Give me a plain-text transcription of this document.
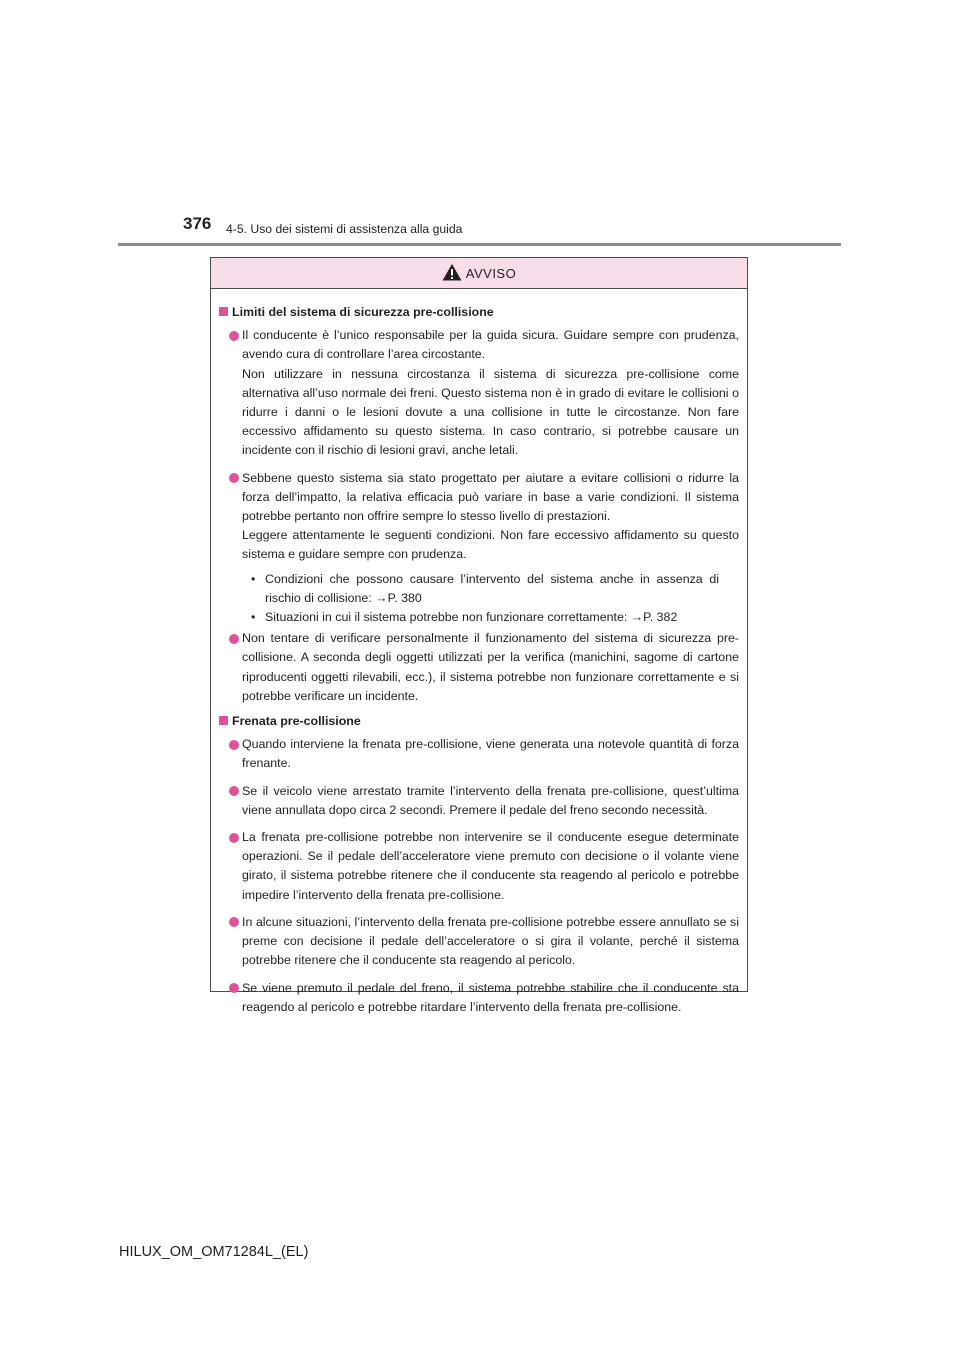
376 4-5. Uso dei sistemi di assistenza alla guida
AVVISO
Limiti del sistema di sicurezza pre-collisione

Il conducente è l’unico responsabile per la guida sicura. Guidare sempre con prudenza, avendo cura di controllare l’area circostante.

Non utilizzare in nessuna circostanza il sistema di sicurezza pre-collisione come alternativa all’uso normale dei freni. Questo sistema non è in grado di evitare le collisioni o ridurre i danni o le lesioni dovute a una collisione in tutte le circostanze. Non fare eccessivo affidamento su questo sistema. In caso contrario, si potrebbe causare un incidente con il rischio di lesioni gravi, anche letali.

Sebbene questo sistema sia stato progettato per aiutare a evitare collisioni o ridurre la forza dell’impatto, la relativa efficacia può variare in base a varie condizioni. Il sistema potrebbe pertanto non offrire sempre lo stesso livello di prestazioni.

Leggere attentamente le seguenti condizioni. Non fare eccessivo affidamento su questo sistema e guidare sempre con prudenza.

• Condizioni che possono causare l’intervento del sistema anche in assenza di rischio di collisione: →P. 380
• Situazioni in cui il sistema potrebbe non funzionare correttamente: →P. 382

Non tentare di verificare personalmente il funzionamento del sistema di sicurezza pre-collisione. A seconda degli oggetti utilizzati per la verifica (manichini, sagome di cartone riproducenti oggetti rilevabili, ecc.), il sistema potrebbe non funzionare correttamente e si potrebbe verificare un incidente.

Frenata pre-collisione

Quando interviene la frenata pre-collisione, viene generata una notevole quantità di forza frenante.

Se il veicolo viene arrestato tramite l’intervento della frenata pre-collisione, quest’ultima viene annullata dopo circa 2 secondi. Premere il pedale del freno secondo necessità.

La frenata pre-collisione potrebbe non intervenire se il conducente esegue determinate operazioni. Se il pedale dell’acceleratore viene premuto con decisione o il volante viene girato, il sistema potrebbe ritenere che il conducente sta reagendo al pericolo e potrebbe impedire l’intervento della frenata pre-collisione.

In alcune situazioni, l’intervento della frenata pre-collisione potrebbe essere annullato se si preme con decisione il pedale dell’acceleratore o si gira il volante, perché il sistema potrebbe ritenere che il conducente sta reagendo al pericolo.

Se viene premuto il pedale del freno, il sistema potrebbe stabilire che il conducente sta reagendo al pericolo e potrebbe ritardare l’intervento della frenata pre-collisione.

HILUX_OM_OM71284L_(EL)
